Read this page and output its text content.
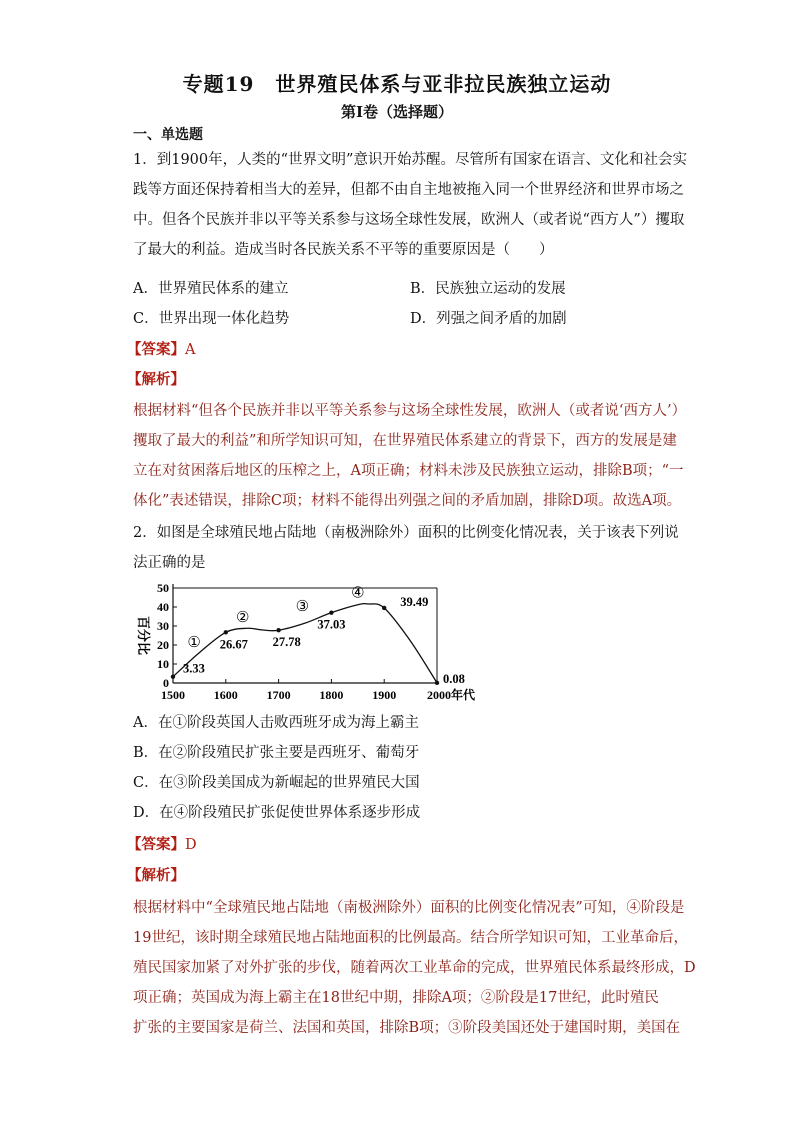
专题19　世界殖民体系与亚非拉民族独立运动
第Ⅰ卷（选择题）
一、单选题
1．到1900年，人类的“世界文明”意识开始苏醒。尽管所有国家在语言、文化和社会实
践等方面还保持着相当大的差异，但都不由自主地被拖入同一个世界经济和世界市场之
中。但各个民族并非以平等关系参与这场全球性发展，欧洲人（或者说“西方人”）攫取
了最大的利益。造成当时各民族关系不平等的重要原因是（　　）
A．世界殖民体系的建立	B．民族独立运动的发展
C．世界出现一体化趋势	D．列强之间矛盾的加剧
【答案】A
【解析】
根据材料“但各个民族并非以平等关系参与这场全球性发展，欧洲人（或者说‘西方人’）
攫取了最大的利益”和所学知识可知，在世界殖民体系建立的背景下，西方的发展是建
立在对贫困落后地区的压榨之上，A项正确；材料未涉及民族独立运动，排除B项；“一
体化”表述错误，排除C项；材料不能得出列强之间的矛盾加剧，排除D项。故选A项。
2．如图是全球殖民地占陆地（南极洲除外）面积的比例变化情况表，关于该表下列说
法正确的是
0
10
20
30
40
50
1500 1600 1700 1800 1900	2000年代
百分比
3.33
26.67 27.78
37.03
39.49
0.08
①
②
③
④
A．在①阶段英国人击败西班牙成为海上霸主
B．在②阶段殖民扩张主要是西班牙、葡萄牙
C．在③阶段美国成为新崛起的世界殖民大国
D．在④阶段殖民扩张促使世界体系逐步形成
【答案】D
【解析】
根据材料中“全球殖民地占陆地（南极洲除外）面积的比例变化情况表”可知，④阶段是
19世纪，该时期全球殖民地占陆地面积的比例最高。结合所学知识可知，工业革命后，
殖民国家加紧了对外扩张的步伐，随着两次工业革命的完成，世界殖民体系最终形成，D
项正确；英国成为海上霸主在18世纪中期，排除A项；②阶段是17世纪，此时殖民
扩张的主要国家是荷兰、法国和英国，排除B项；③阶段美国还处于建国时期，美国在
